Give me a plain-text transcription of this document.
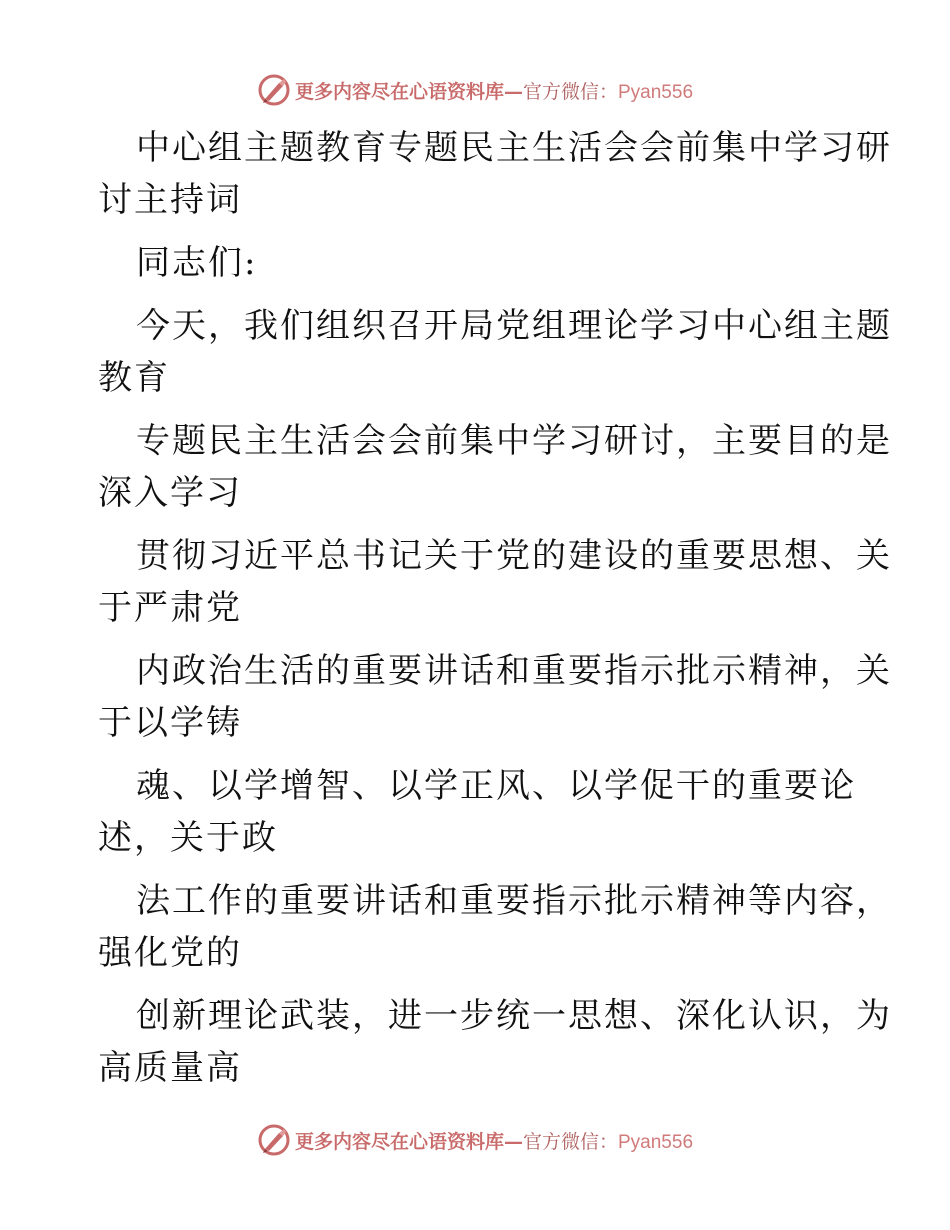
更多内容尽在心语资料库—官方微信：Pyan556
中心组主题教育专题民主生活会会前集中学习研
讨主持词
同志们:
今天，我们组织召开局党组理论学习中心组主题
教育
专题民主生活会会前集中学习研讨，主要目的是
深入学习
贯彻习近平总书记关于党的建设的重要思想、关
于严肃党
内政治生活的重要讲话和重要指示批示精神，关
于以学铸
魂、以学增智、以学正风、以学促干的重要论
述，关于政
法工作的重要讲话和重要指示批示精神等内容，
强化党的
创新理论武装，进一步统一思想、深化认识，为
高质量高
更多内容尽在心语资料库—官方微信：Pyan556
